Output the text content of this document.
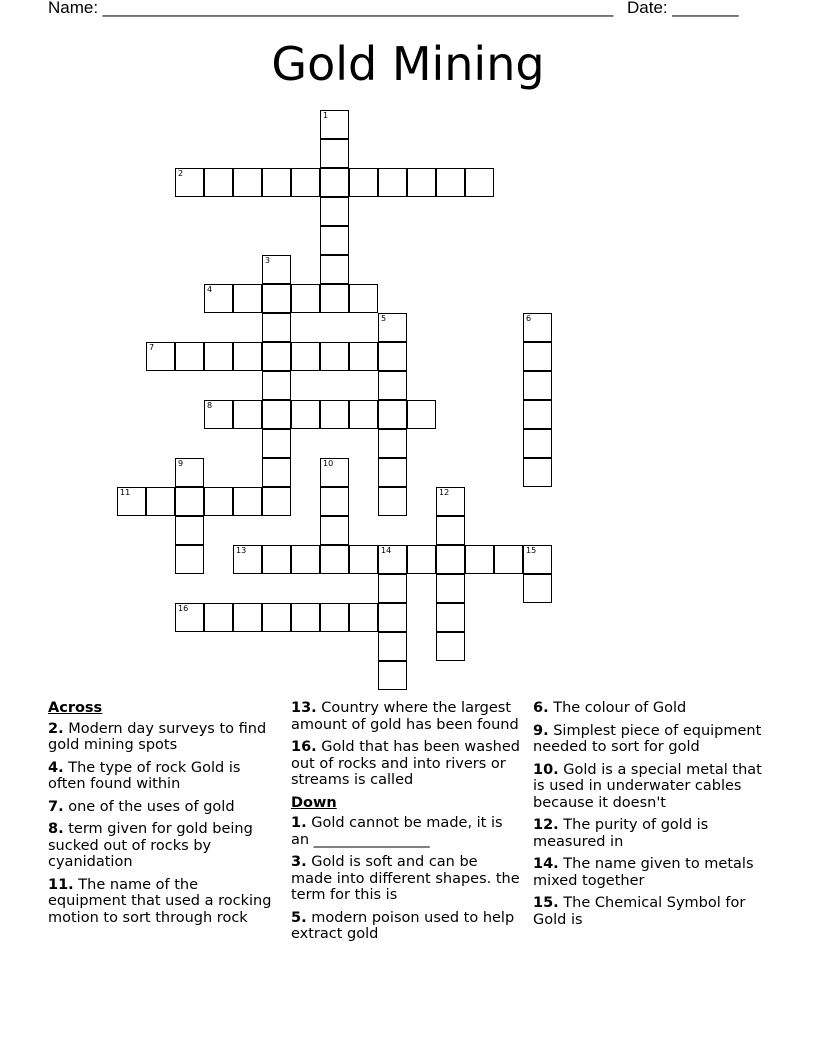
Name: ______________________________________________________ Date: _______
Gold Mining
1
2
3
4
5	6
7
8
9	10
11	12
13	14	15
16
Across
2. Modern day surveys to find gold mining spots
4. The type of rock Gold is often found within
7. one of the uses of gold
8. term given for gold being sucked out of rocks by cyanidation
11. The name of the equipment that used a rocking motion to sort through rock
13. Country where the largest amount of gold has been found
16. Gold that has been washed out of rocks and into rivers or streams is called
Down
1. Gold cannot be made, it is an ________________
3. Gold is soft and can be made into different shapes. the term for this is
5. modern poison used to help extract gold
6. The colour of Gold
9. Simplest piece of equipment needed to sort for gold
10. Gold is a special metal that is used in underwater cables because it doesn't
12. The purity of gold is measured in
14. The name given to metals mixed together
15. The Chemical Symbol for Gold is
